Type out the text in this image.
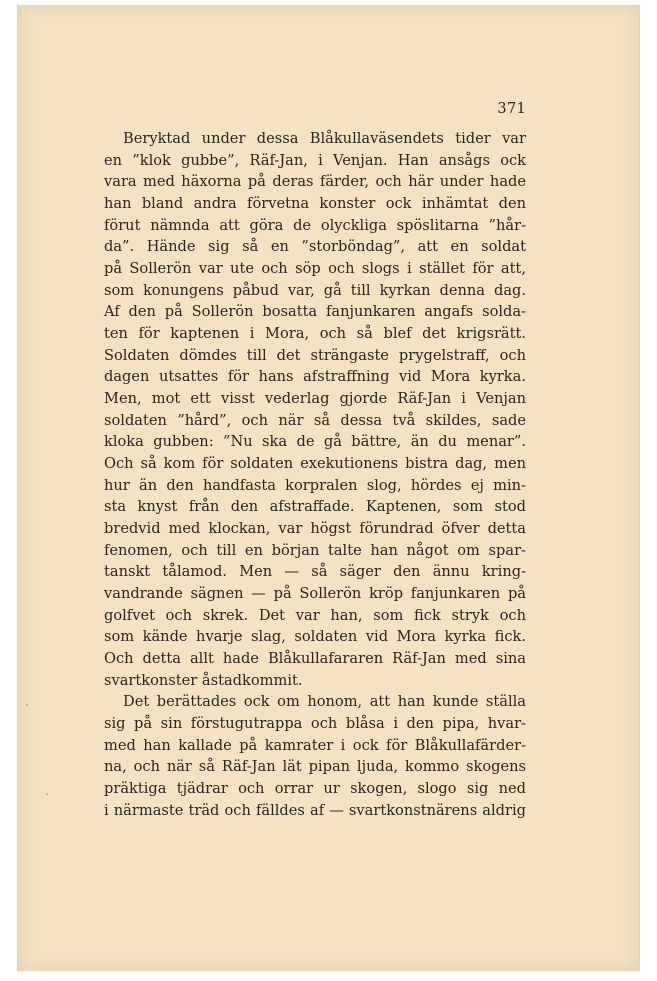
371

Beryktad under dessa Blåkullaväsendets tider var
en ”klok gubbe”, Räf-Jan, i Venjan. Han ansågs ock
vara med häxorna på deras färder, och här under hade
han bland andra förvetna konster ock inhämtat den
förut nämnda att göra de olyckliga spöslitarna ”hår-
da”. Hände sig så en ”storböndag”, att en soldat
på Sollerön var ute och söp och slogs i stället för att,
som konungens påbud var, gå till kyrkan denna dag.
Af den på Sollerön bosatta fanjunkaren angafs solda-
ten för kaptenen i Mora, och så blef det krigsrätt.
Soldaten dömdes till det strängaste prygelstraff, och
dagen utsattes för hans afstraffning vid Mora kyrka.
Men, mot ett visst vederlag gjorde Räf-Jan i Venjan
soldaten ”hård”, och när så dessa två skildes, sade
kloka gubben: ”Nu ska de gå bättre, än du menar”.
Och så kom för soldaten exekutionens bistra dag, men
hur än den handfasta korpralen slog, hördes ej min-
sta knyst från den afstraffade. Kaptenen, som stod
bredvid med klockan, var högst förundrad öfver detta
fenomen, och till en början talte han något om spar-
tanskt tålamod. Men — så säger den ännu kring-
vandrande sägnen — på Sollerön kröp fanjunkaren på
golfvet och skrek. Det var han, som fick stryk och
som kände hvarje slag, soldaten vid Mora kyrka fick.
Och detta allt hade Blåkullafararen Räf-Jan med sina
svartkonster åstadkommit.

Det berättades ock om honom, att han kunde ställa
sig på sin förstugutrappa och blåsa i den pipa, hvar-
med han kallade på kamrater i ock för Blåkullafärder-
na, och när så Räf-Jan lät pipan ljuda, kommo skogens
präktiga tjädrar och orrar ur skogen, slogo sig ned
i närmaste träd och fälldes af — svartkonstnärens aldrig
